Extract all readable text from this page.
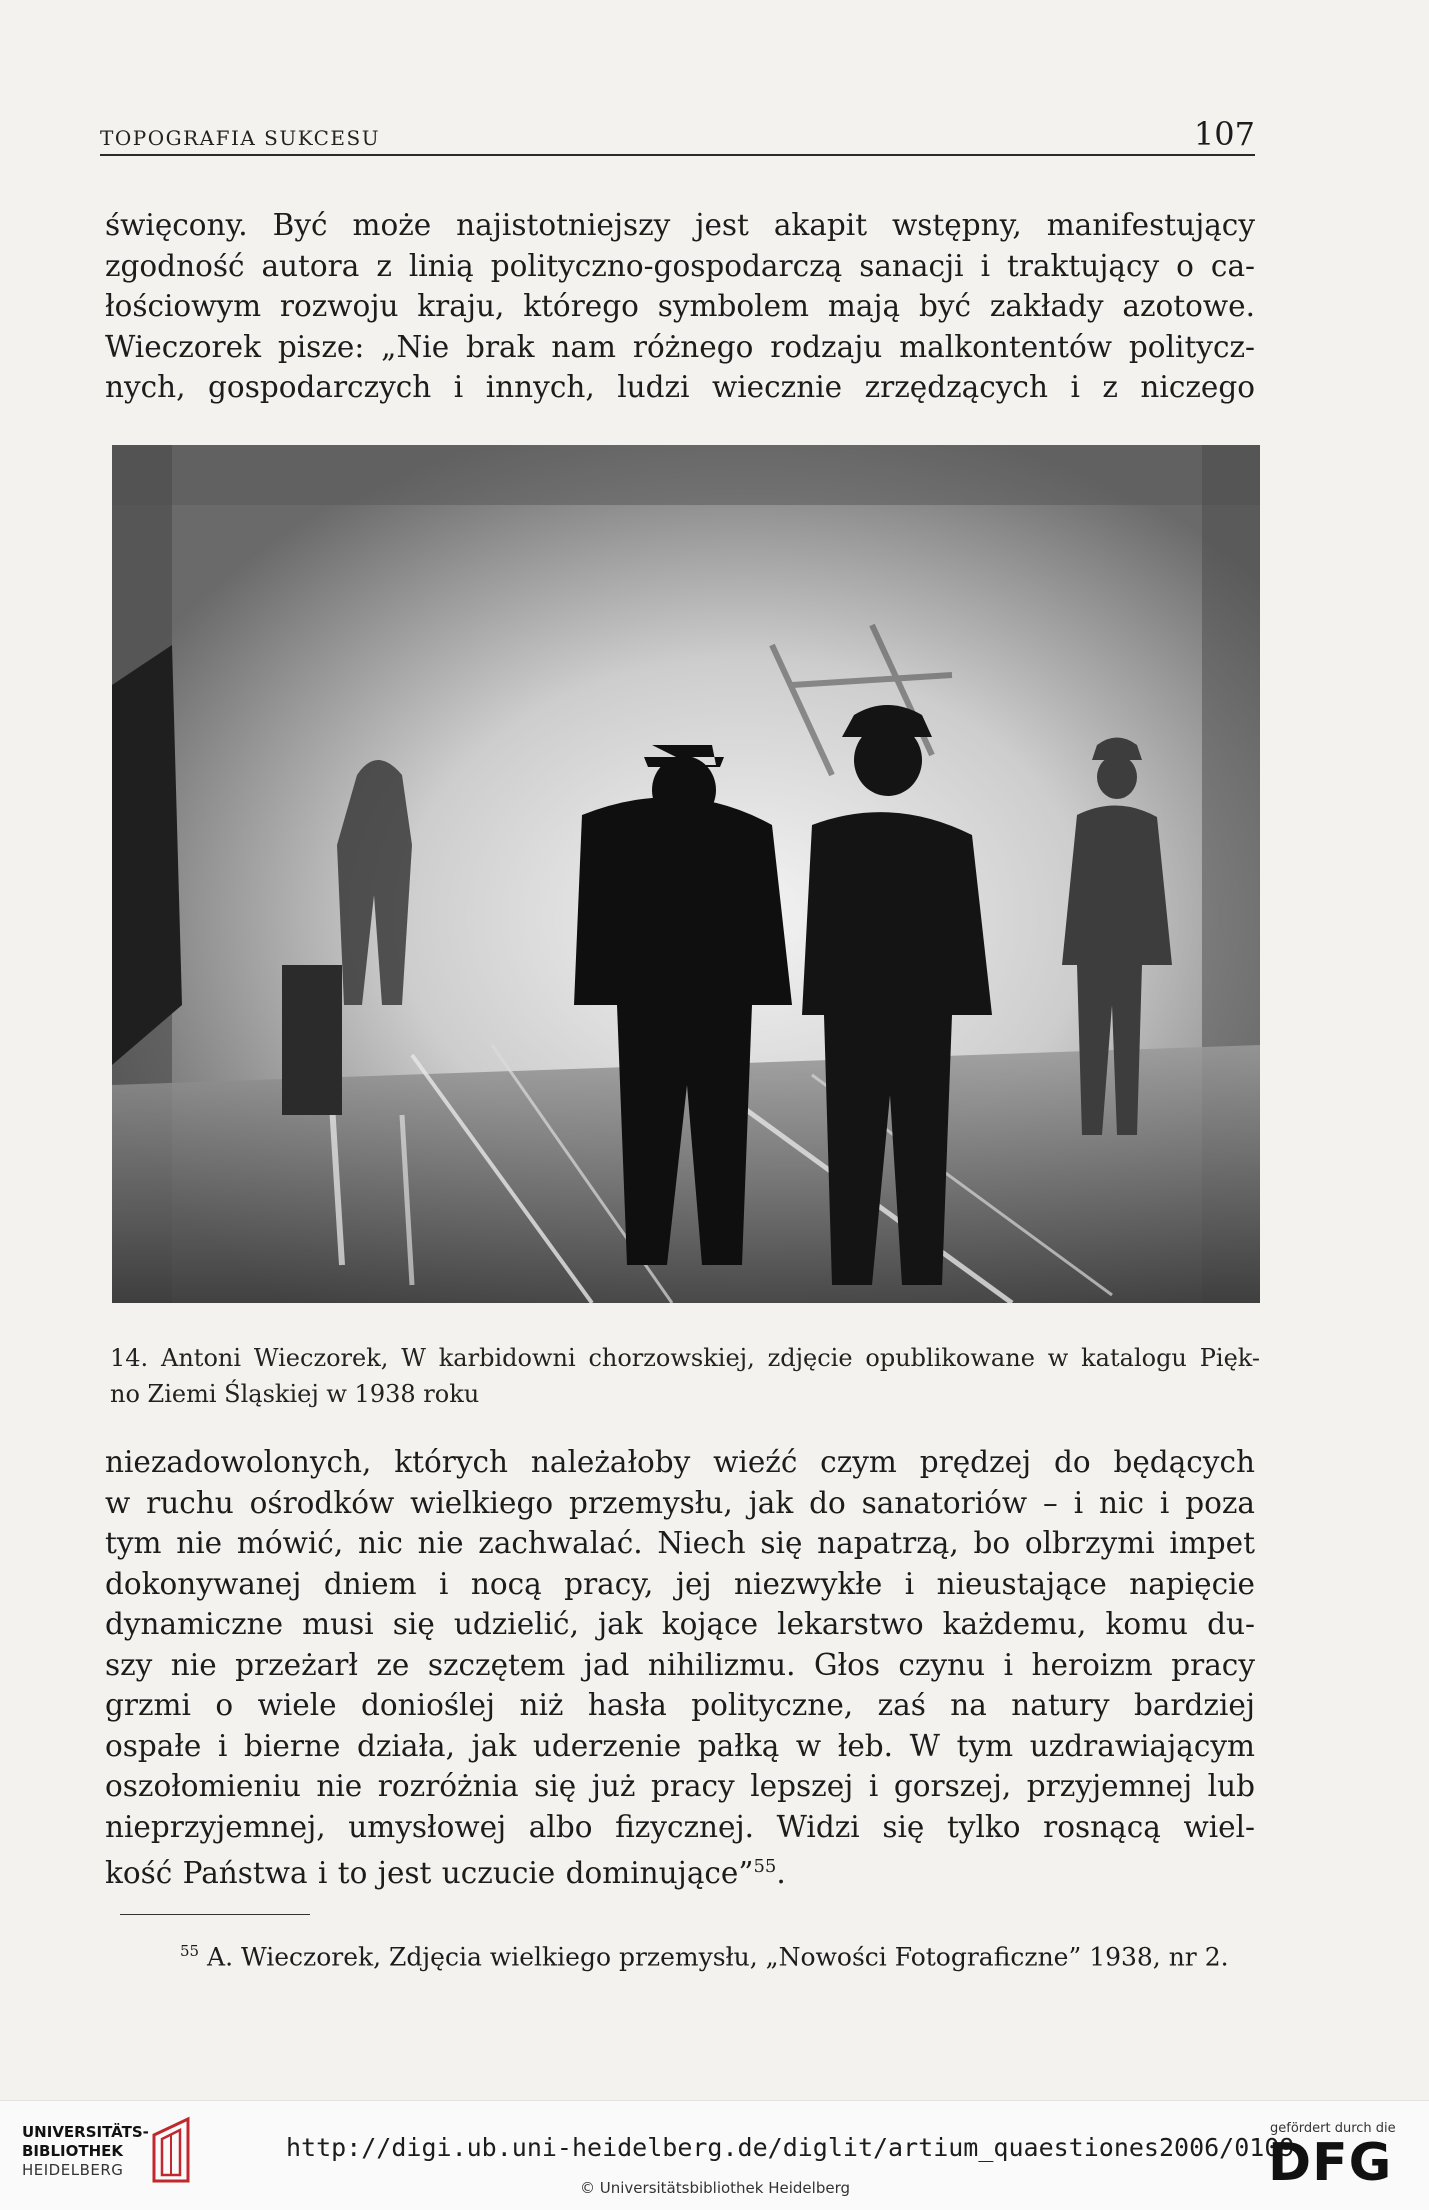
TOPOGRAFIA SUKCESU	107
święcony. Być może najistotniejszy jest akapit wstępny, manifestujący
zgodność autora z linią polityczno-gospodarczą sanacji i traktujący o ca-
łościowym rozwoju kraju, którego symbolem mają być zakłady azotowe.
Wieczorek pisze: „Nie brak nam różnego rodzaju malkontentów politycz-
nych, gospodarczych i innych, ludzi wiecznie zrzędzących i z niczego
14. Antoni Wieczorek, W karbidowni chorzowskiej, zdjęcie opublikowane w katalogu Pięk-
no Ziemi Śląskiej w 1938 roku
niezadowolonych, których należałoby wieźć czym prędzej do będących
w ruchu ośrodków wielkiego przemysłu, jak do sanatoriów – i nic i poza
tym nie mówić, nic nie zachwalać. Niech się napatrzą, bo olbrzymi impet
dokonywanej dniem i nocą pracy, jej niezwykłe i nieustające napięcie
dynamiczne musi się udzielić, jak kojące lekarstwo każdemu, komu du-
szy nie przeżarł ze szczętem jad nihilizmu. Głos czynu i heroizm pracy
grzmi o wiele donioślej niż hasła polityczne, zaś na natury bardziej
ospałe i bierne działa, jak uderzenie pałką w łeb. W tym uzdrawiającym
oszołomieniu nie rozróżnia się już pracy lepszej i gorszej, przyjemnej lub
nieprzyjemnej, umysłowej albo fizycznej. Widzi się tylko rosnącą wiel-
kość Państwa i to jest uczucie dominujące”$^{55}$.
$^{55}$ A. Wieczorek, Zdjęcia wielkiego przemysłu, „Nowości Fotograficzne” 1938, nr 2.
UNIVERSITÄTS-
BIBLIOTHEK
HEIDELBERG
http://digi.ub.uni-heidelberg.de/diglit/artium_quaestiones2006/0109
© Universitätsbibliothek Heidelberg
gefördert durch die
DFG
